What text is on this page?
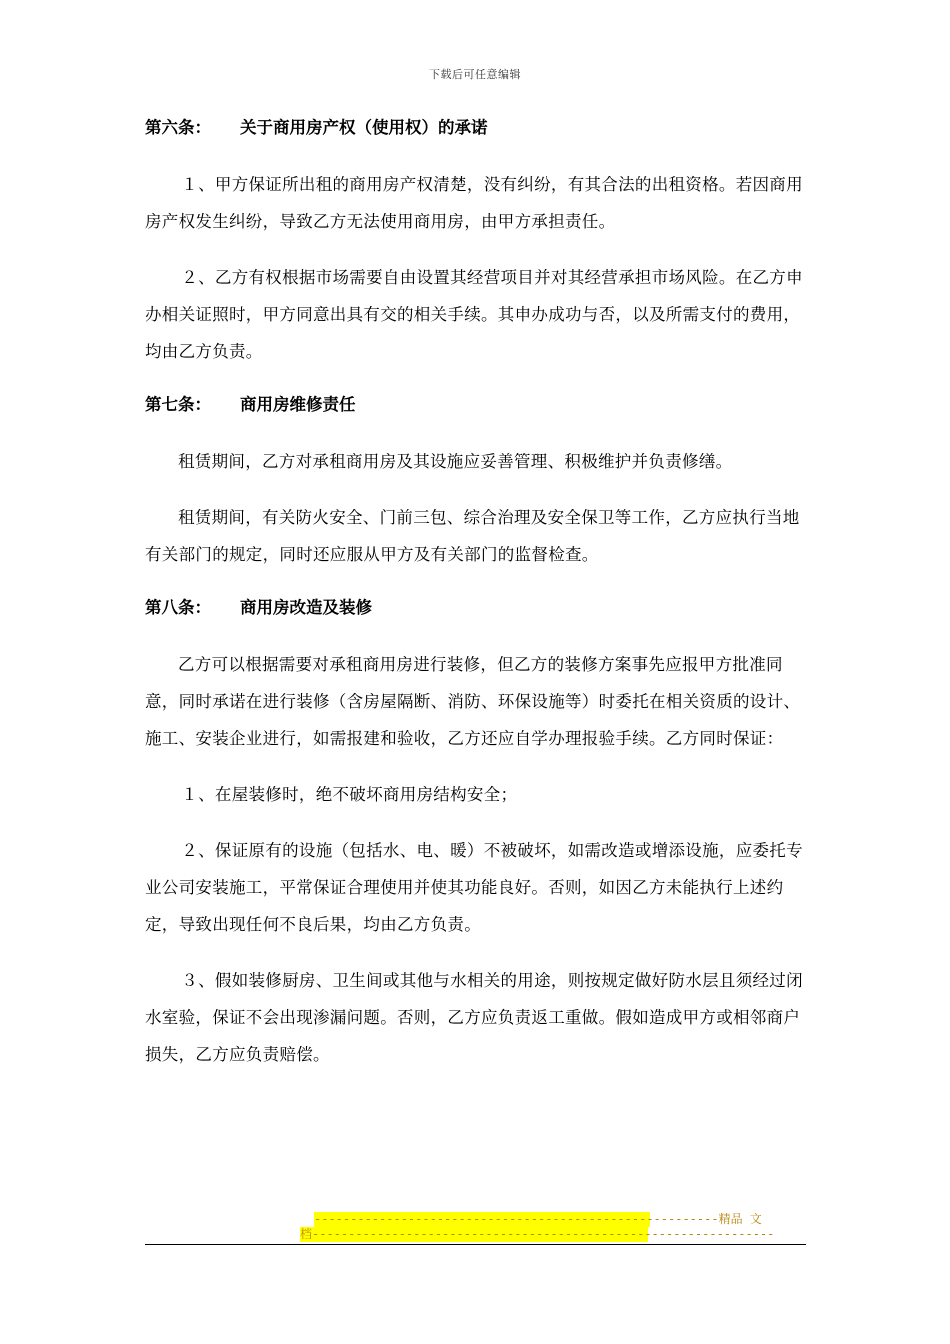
下载后可任意编辑
第六条： 关于商用房产权（使用权）的承诺

１、甲方保证所出租的商用房产权清楚，没有纠纷，有其合法的出租资格。若因商用房产权发生纠纷，导致乙方无法使用商用房，由甲方承担责任。

２、乙方有权根据市场需要自由设置其经营项目并对其经营承担市场风险。在乙方申办相关证照时，甲方同意出具有交的相关手续。其申办成功与否，以及所需支付的费用，均由乙方负责。

第七条： 商用房维修责任

租赁期间，乙方对承租商用房及其设施应妥善管理、积极维护并负责修缮。

租赁期间，有关防火安全、门前三包、综合治理及安全保卫等工作，乙方应执行当地有关部门的规定，同时还应服从甲方及有关部门的监督检查。

第八条： 商用房改造及装修

乙方可以根据需要对承租商用房进行装修，但乙方的装修方案事先应报甲方批准同意，同时承诺在进行装修（含房屋隔断、消防、环保设施等）时委托在相关资质的设计、施工、安装企业进行，如需报建和验收，乙方还应自学办理报验手续。乙方同时保证：

１、在屋装修时，绝不破坏商用房结构安全；

２、保证原有的设施（包括水、电、暖）不被破坏，如需改造或增添设施，应委托专业公司安装施工，平常保证合理使用并使其功能良好。否则，如因乙方未能执行上述约定，导致出现任何不良后果，均由乙方负责。

３、假如装修厨房、卫生间或其他与水相关的用途，则按规定做好防水层且须经过闭水室验，保证不会出现渗漏问题。否则，乙方应负责返工重做。假如造成甲方或相邻商户损失，乙方应负责赔偿。

--------------------------------------------------------精品 文
档----------------------------------------------------------------
